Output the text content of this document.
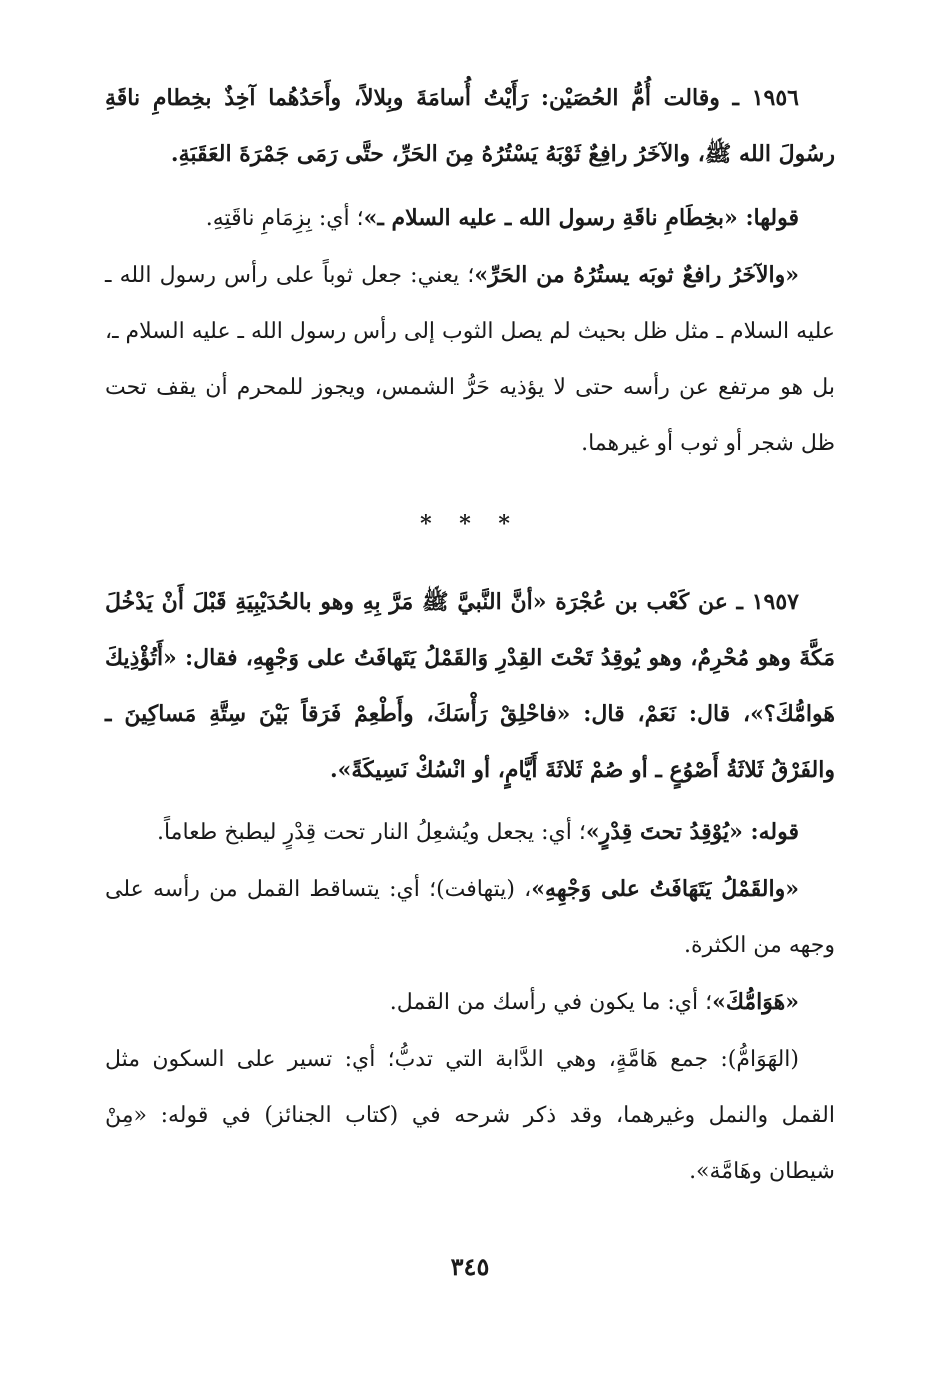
١٩٥٦ ـ وقالت أُمُّ الحُصَيْن: رَأَيْتُ أُسامَةَ وبِلالاً، وأَحَدُهُما آخِذٌ بخِطامِ ناقَةِ رسُولَ الله ﷺ، والآخَرُ رافِعٌ ثَوْبَهُ يَسْتُرُهُ مِنَ الحَرِّ، حتَّى رَمَى جَمْرَةَ العَقَبَةِ.

قولها: «بخِطَامِ ناقَةِ رسول الله ـ عليه السلام ـ»؛ أي: بِزِمَامِ ناقَتِهِ.

«والآخَرُ رافعٌ ثوبَه يستُرُهُ من الحَرِّ»؛ يعني: جعل ثوباً على رأس رسول الله ـ عليه السلام ـ مثل ظل بحيث لم يصل الثوب إلى رأس رسول الله ـ عليه السلام ـ، بل هو مرتفع عن رأسه حتى لا يؤذيه حَرُّ الشمس، ويجوز للمحرم أن يقف تحت ظل شجر أو ثوب أو غيرهما.

* * *

١٩٥٧ ـ عن كَعْب بن عُجْرَة «أنَّ النَّبيَّ ﷺ مَرَّ بِهِ وهو بالحُدَيْبِيَةِ قَبْلَ أَنْ يَدْخُلَ مَكَّةَ وهو مُحْرِمٌ، وهو يُوقِدُ تَحْتَ القِدْرِ وَالقَمْلُ يَتَهافَتُ على وَجْهِهِ، فقال: «أَتُؤْذِيكَ هَوامُّكَ؟»، قال: نَعَمْ، قال: «فاحْلِقْ رَأْسَكَ، وأَطْعِمْ فَرَقاً بَيْنَ سِتَّةِ مَساكِينَ ـ والفَرْقُ ثَلاثَةُ أَصْوُعٍ ـ أو صُمْ ثَلاثَةَ أَيَّامٍ، أو انْسُكْ نَسِيكَةً».

قوله: «يُوْقِدُ تحتَ قِدْرٍ»؛ أي: يجعل ويُشعِلُ النار تحت قِدْرٍ ليطبخ طعاماً.

«والقَمْلُ يَتَهَافَتُ على وَجْهِهِ»، (يتهافت)؛ أي: يتساقط القمل من رأسه على وجهه من الكثرة.

«هَوَامُّكَ»؛ أي: ما يكون في رأسك من القمل.

(الهَوَامُّ): جمع هَامَّةٍ، وهي الدَّابة التي تدبُّ؛ أي: تسير على السكون مثل القمل والنمل وغيرهما، وقد ذكر شرحه في (كتاب الجنائز) في قوله: «مِنْ شيطان وهَامَّة».

٣٤٥
